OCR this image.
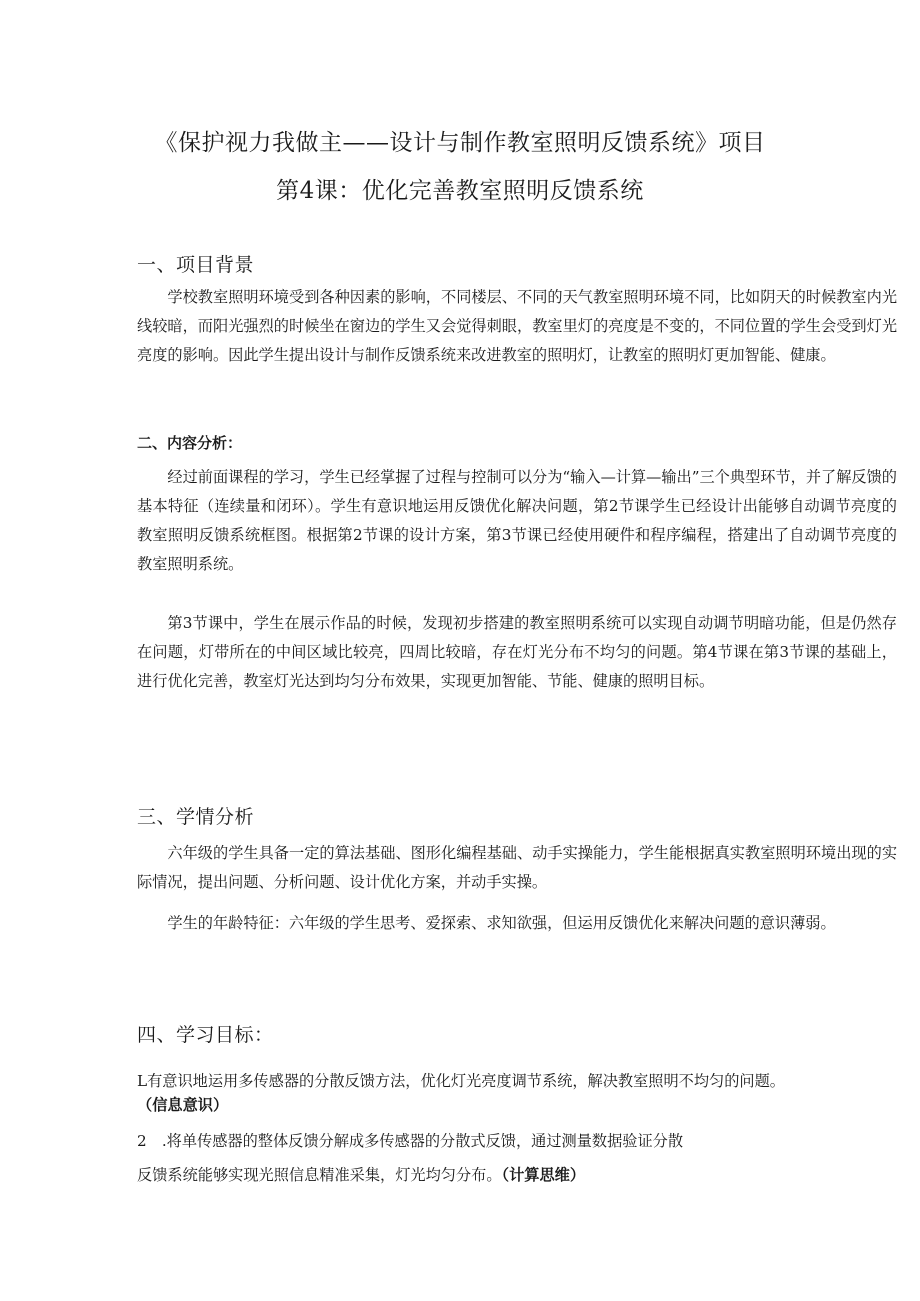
《保护视力我做主——设计与制作教室照明反馈系统》项目
第4课：优化完善教室照明反馈系统
一、项目背景
学校教室照明环境受到各种因素的影响，不同楼层、不同的天气教室照明环境不同，比如阴天的时候教室内光线较暗，而阳光强烈的时候坐在窗边的学生又会觉得刺眼，教室里灯的亮度是不变的，不同位置的学生会受到灯光亮度的影响。因此学生提出设计与制作反馈系统来改进教室的照明灯，让教室的照明灯更加智能、健康。
二、内容分析：
经过前面课程的学习，学生已经掌握了过程与控制可以分为“输入—计算—输出”三个典型环节，并了解反馈的基本特征（连续量和闭环）。学生有意识地运用反馈优化解决问题，第2节课学生已经设计出能够自动调节亮度的教室照明反馈系统框图。根据第2节课的设计方案，第3节课已经使用硬件和程序编程，搭建出了自动调节亮度的教室照明系统。
第3节课中，学生在展示作品的时候，发现初步搭建的教室照明系统可以实现自动调节明暗功能，但是仍然存在问题，灯带所在的中间区域比较亮，四周比较暗，存在灯光分布不均匀的问题。第4节课在第3节课的基础上，进行优化完善，教室灯光达到均匀分布效果，实现更加智能、节能、健康的照明目标。
三、学情分析
六年级的学生具备一定的算法基础、图形化编程基础、动手实操能力，学生能根据真实教室照明环境出现的实际情况，提出问题、分析问题、设计优化方案，并动手实操。
学生的年龄特征：六年级的学生思考、爱探索、求知欲强，但运用反馈优化来解决问题的意识薄弱。
四、学习目标：
L有意识地运用多传感器的分散反馈方法，优化灯光亮度调节系统，解决教室照明不均匀的问题。
（信息意识）
2　.将单传感器的整体反馈分解成多传感器的分散式反馈，通过测量数据验证分散
反馈系统能够实现光照信息精准采集，灯光均匀分布。（计算思维）
